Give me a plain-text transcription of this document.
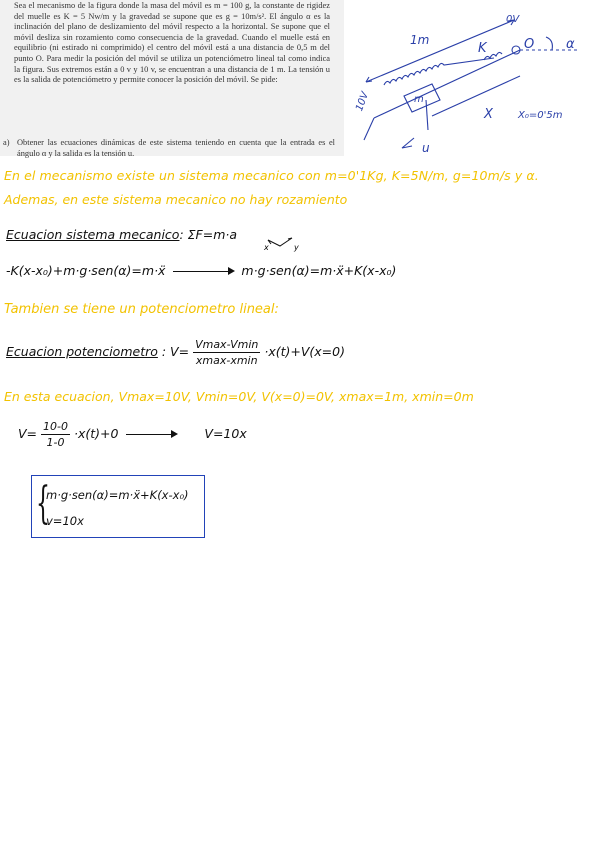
Sea el mecanismo de la figura donde la masa del móvil es m = 100 g, la constante de rigidez del muelle es K = 5 Nw/m y la gravedad se supone que es g = 10m/s². El ángulo α es la inclinación del plano de deslizamiento del móvil respecto a la horizontal. Se supone que el móvil desliza sin rozamiento como consecuencia de la gravedad. Cuando el muelle está en equilibrio (ni estirado ni comprimido) el centro del móvil está a una distancia de 0,5 m del punto O. Para medir la posición del móvil se utiliza un potenciómetro lineal tal como indica la figura. Sus extremos están a 0 v y 10 v, se encuentran a una distancia de 1 m. La tensión u es la salida de potenciómetro y permite conocer la posición del móvil. Se pide:
a) Obtener las ecuaciones dinámicas de este sistema teniendo en cuenta que la entrada es el ángulo α y la salida es la tensión u.
1m
0V
10V
K	O α
m
X	X₀=0'5m
u
En el mecanismo existe un sistema mecanico con m=0'1Kg, K=5N/m, g=10m/s y α.
Ademas, en este sistema mecanico no hay rozamiento
Ecuacion sistema mecanico: ΣF=m·a
x	y
-K(x-x₀)+m·g·sen(α)=m·ẍ	m·g·sen(α)=m·ẍ+K(x-x₀)
Tambien se tiene un potenciometro lineal:
Ecuacion potenciometro : $V= \frac{Vmax-Vmin}{xmax-xmin} \cdot x(t)+V(x=0)$
En esta ecuacion, Vmax=10V, Vmin=0V, V(x=0)=0V, xmax=1m, xmin=0m
$V= \frac{10-0}{1-0} \cdot x(t)+0$	V=10x
{
m·g·sen(α)=m·ẍ+K(x-x₀)
v=10x
